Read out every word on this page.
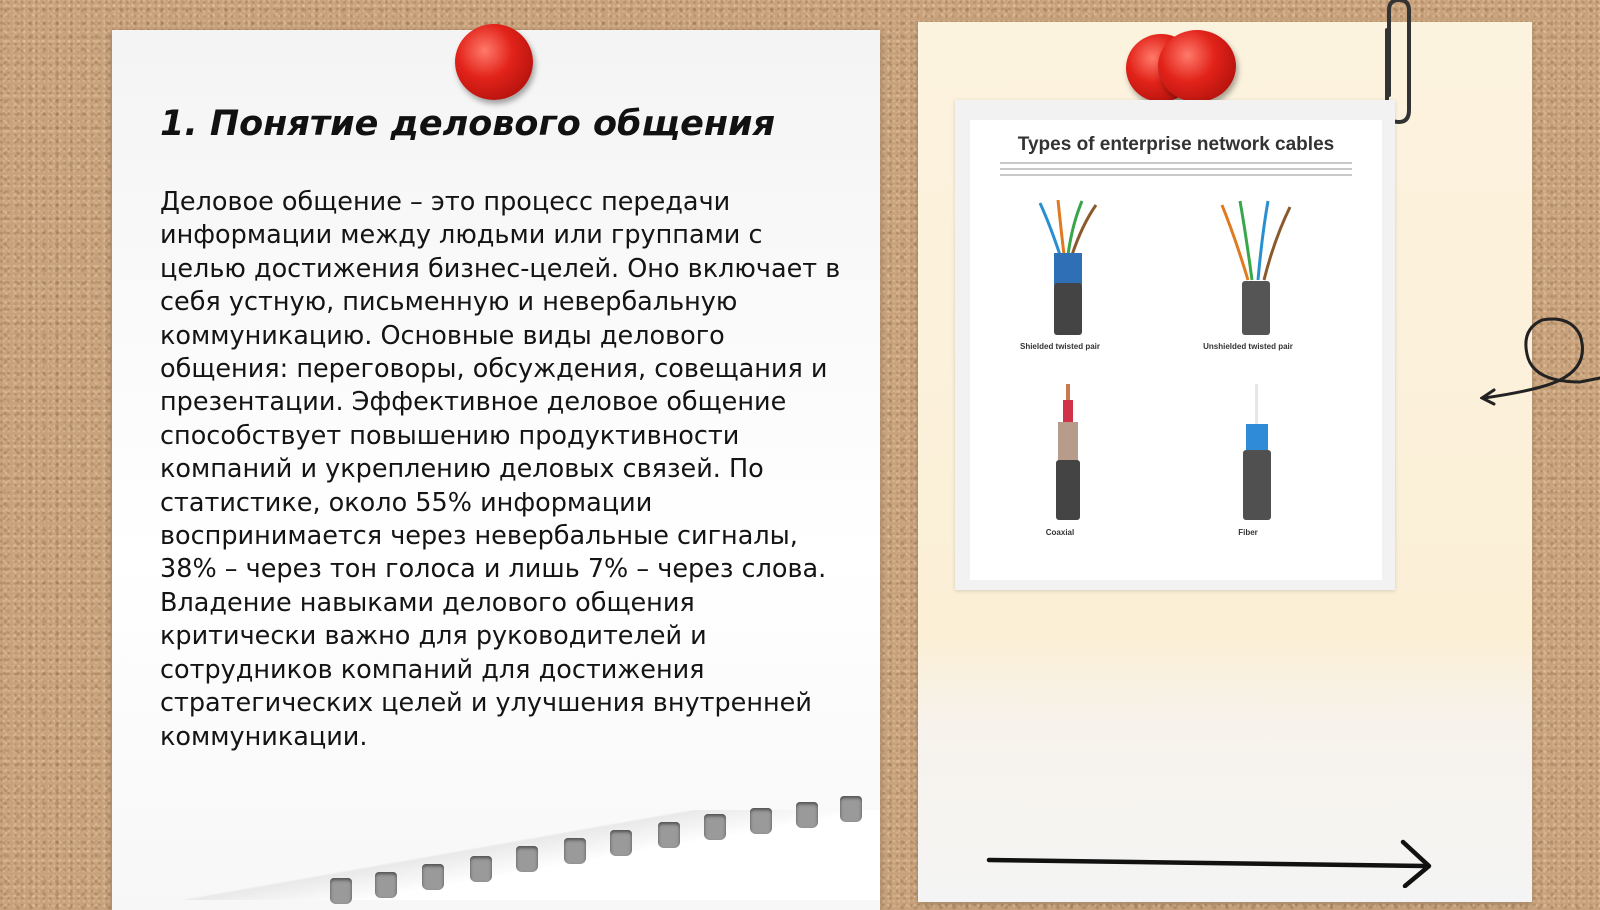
1. Понятие делового общения

Деловое общение – это процесс передачи информации между людьми или группами с целью достижения бизнес-целей. Оно включает в себя устную, письменную и невербальную коммуникацию. Основные виды делового общения: переговоры, обсуждения, совещания и презентации. Эффективное деловое общение способствует повышению продуктивности компаний и укреплению деловых связей. По статистике, около 55% информации воспринимается через невербальные сигналы, 38% – через тон голоса и лишь 7% – через слова. Владение навыками делового общения критически важно для руководителей и сотрудников компаний для достижения стратегических целей и улучшения внутренней коммуникации.

Types of enterprise network cables
Shielded twisted pair	Unshielded twisted pair
Coaxial	Fiber
